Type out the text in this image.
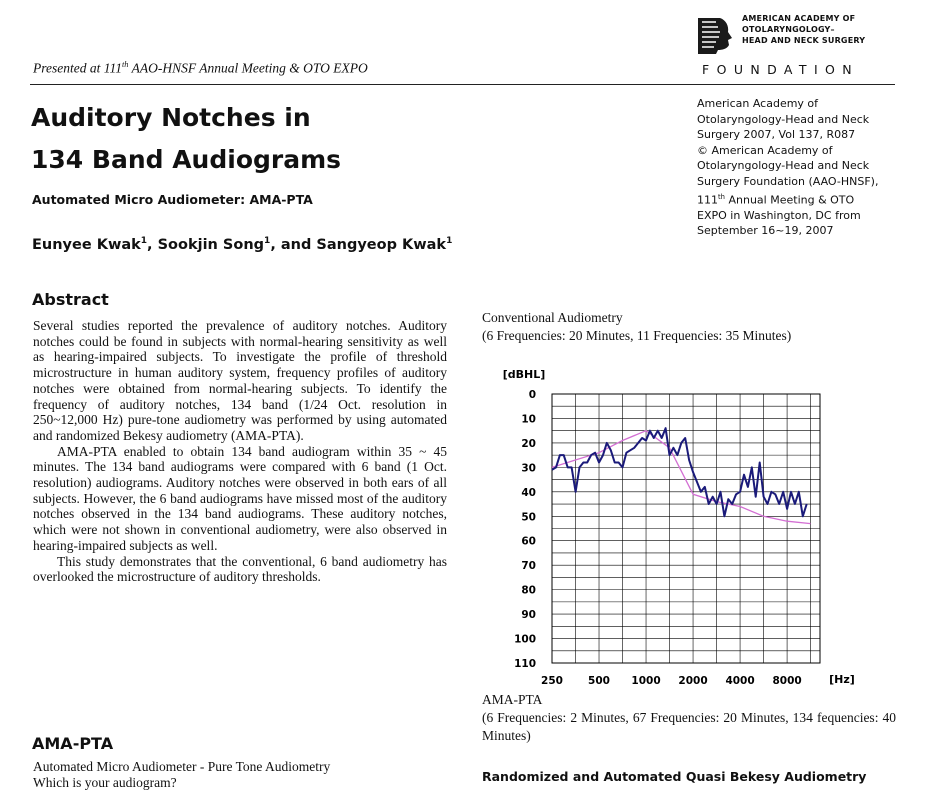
Presented at 111th AAO-HNSF Annual Meeting & OTO EXPO
AMERICAN ACADEMY OF
OTOLARYNGOLOGY–
HEAD AND NECK SURGERY
FOUNDATION
Auditory Notches in
134 Band Audiograms
Automated Micro Audiometer: AMA-PTA
Eunyee Kwak$^1$, Sookjin Song$^1$, and Sangyeop Kwak$^1$
American Academy of
Otolaryngology-Head and Neck
Surgery 2007, Vol 137, R087
© American Academy of
Otolaryngology-Head and Neck
Surgery Foundation (AAO-HNSF),
111th Annual Meeting & OTO
EXPO in Washington, DC from
September 16~19, 2007
Abstract

Several studies reported the prevalence of auditory notches. Auditory notches could be found in subjects with normal-hearing sensitivity as well as hearing-impaired subjects. To investigate the profile of threshold microstructure in human auditory system, frequency profiles of auditory notches were obtained from normal-hearing subjects. To identify the frequency of auditory notches, 134 band (1/24 Oct. resolution in 250~12,000 Hz) pure-tone audiometry was performed by using automated and randomized Bekesy audiometry (AMA-PTA).

AMA-PTA enabled to obtain 134 band audiogram within 35 ~ 45 minutes. The 134 band audiograms were compared with 6 band (1 Oct. resolution) audiograms. Auditory notches were observed in both ears of all subjects. However, the 6 band audiograms have missed most of the auditory notches observed in the 134 band audiograms. These auditory notches, which were not shown in conventional audiometry, were also observed in hearing-impaired subjects as well.

This study demonstrates that the conventional, 6 band audiometry has overlooked the microstructure of auditory thresholds.

AMA-PTA
Automated Micro Audiometer - Pure Tone Audiometry
Which is your audiogram?
Conventional Audiometry
(6 Frequencies: 20 Minutes, 11 Frequencies: 35 Minutes)
0
10
20
30
40
50
60
70
80
90
100
110
250 500 1000 2000 4000 8000
[dBHL]
[Hz]
AMA-PTA
(6 Frequencies: 2 Minutes, 67 Frequencies: 20 Minutes, 134 fequencies: 40 Minutes)
Randomized and Automated Quasi Bekesy Audiometry
